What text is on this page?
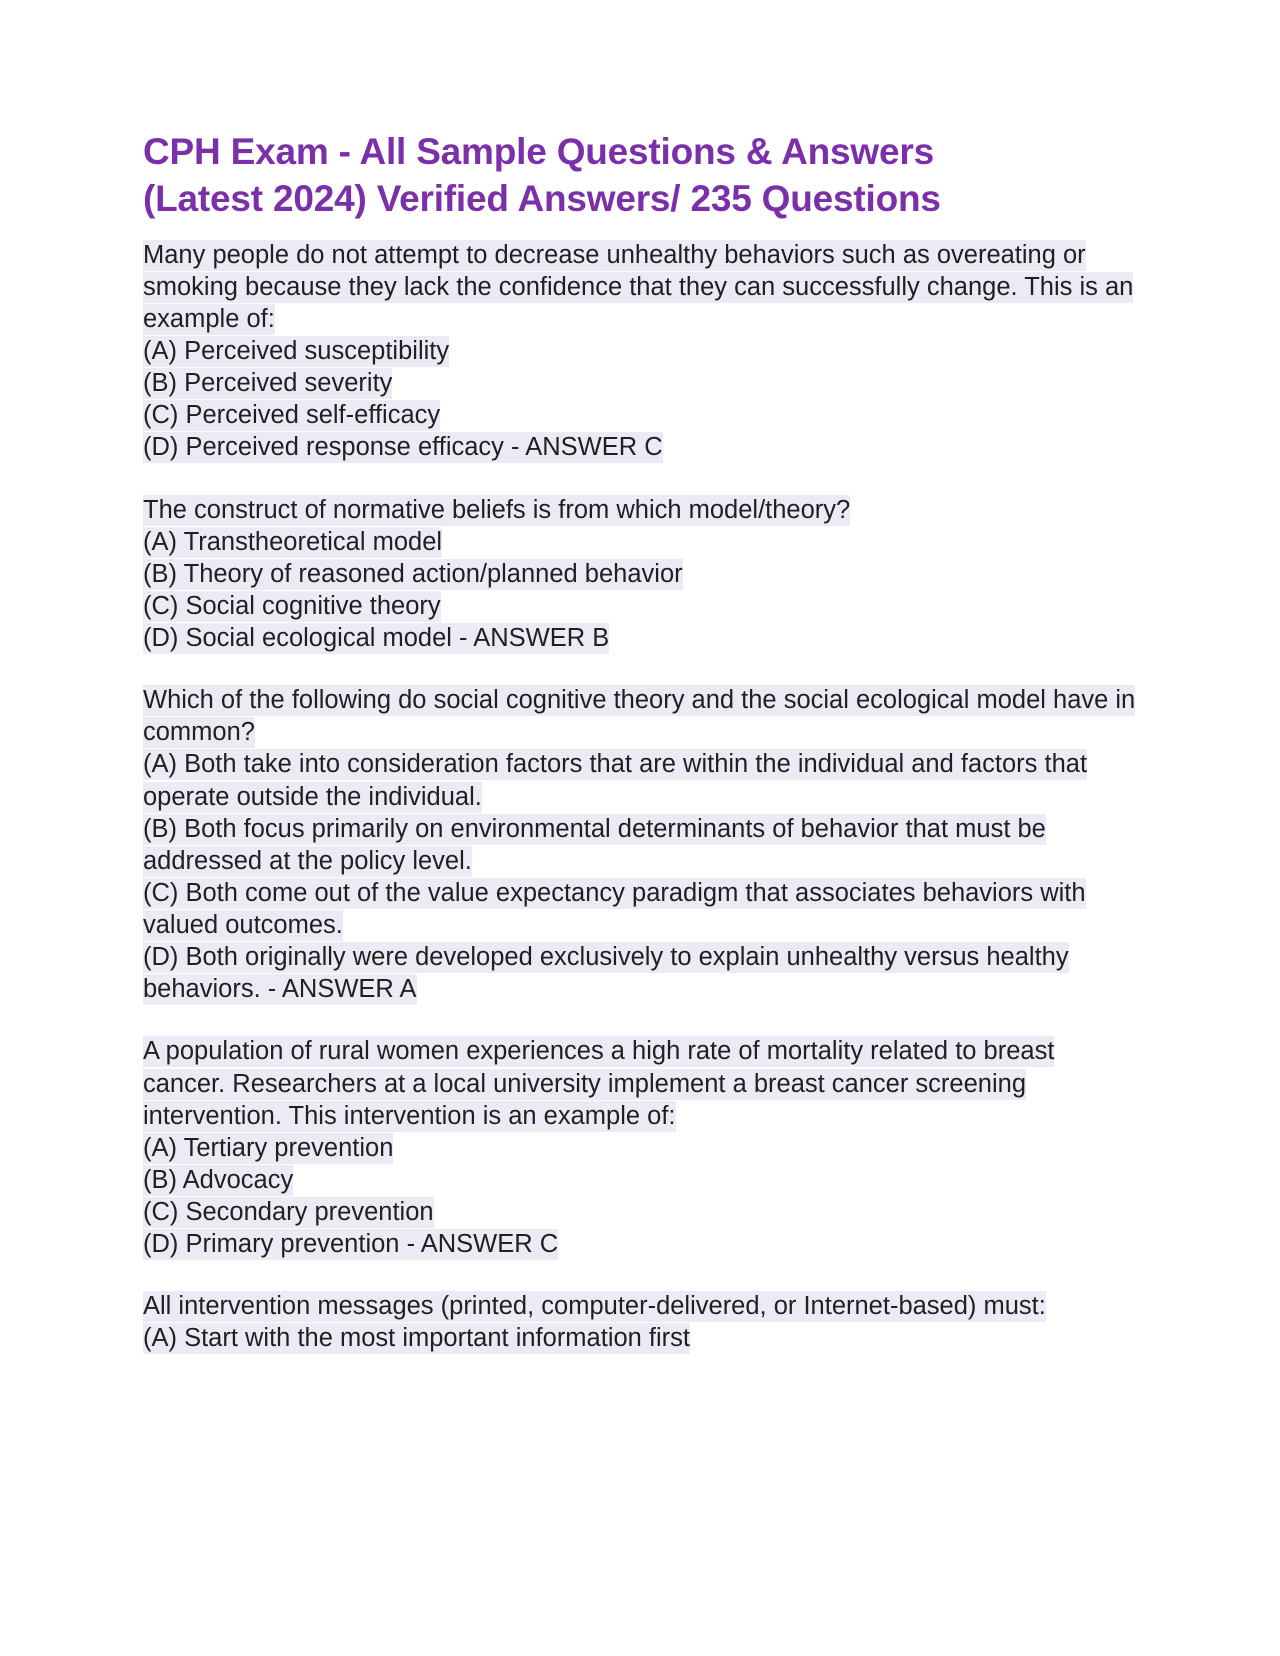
CPH Exam - All Sample Questions & Answers
(Latest 2024) Verified Answers/ 235 Questions

Many people do not attempt to decrease unhealthy behaviors such as overeating or smoking because they lack the confidence that they can successfully change. This is an example of:

(A) Perceived susceptibility

(B) Perceived severity

(C) Perceived self-efficacy

(D) Perceived response efficacy - ANSWER C

The construct of normative beliefs is from which model/theory?

(A) Transtheoretical model

(B) Theory of reasoned action/planned behavior

(C) Social cognitive theory

(D) Social ecological model - ANSWER B

Which of the following do social cognitive theory and the social ecological model have in common?

(A) Both take into consideration factors that are within the individual and factors that operate outside the individual.

(B) Both focus primarily on environmental determinants of behavior that must be addressed at the policy level.

(C) Both come out of the value expectancy paradigm that associates behaviors with valued outcomes.

(D) Both originally were developed exclusively to explain unhealthy versus healthy behaviors. - ANSWER A

A population of rural women experiences a high rate of mortality related to breast cancer. Researchers at a local university implement a breast cancer screening intervention. This intervention is an example of:

(A) Tertiary prevention

(B) Advocacy

(C) Secondary prevention

(D) Primary prevention - ANSWER C

All intervention messages (printed, computer-delivered, or Internet-based) must:

(A) Start with the most important information first
